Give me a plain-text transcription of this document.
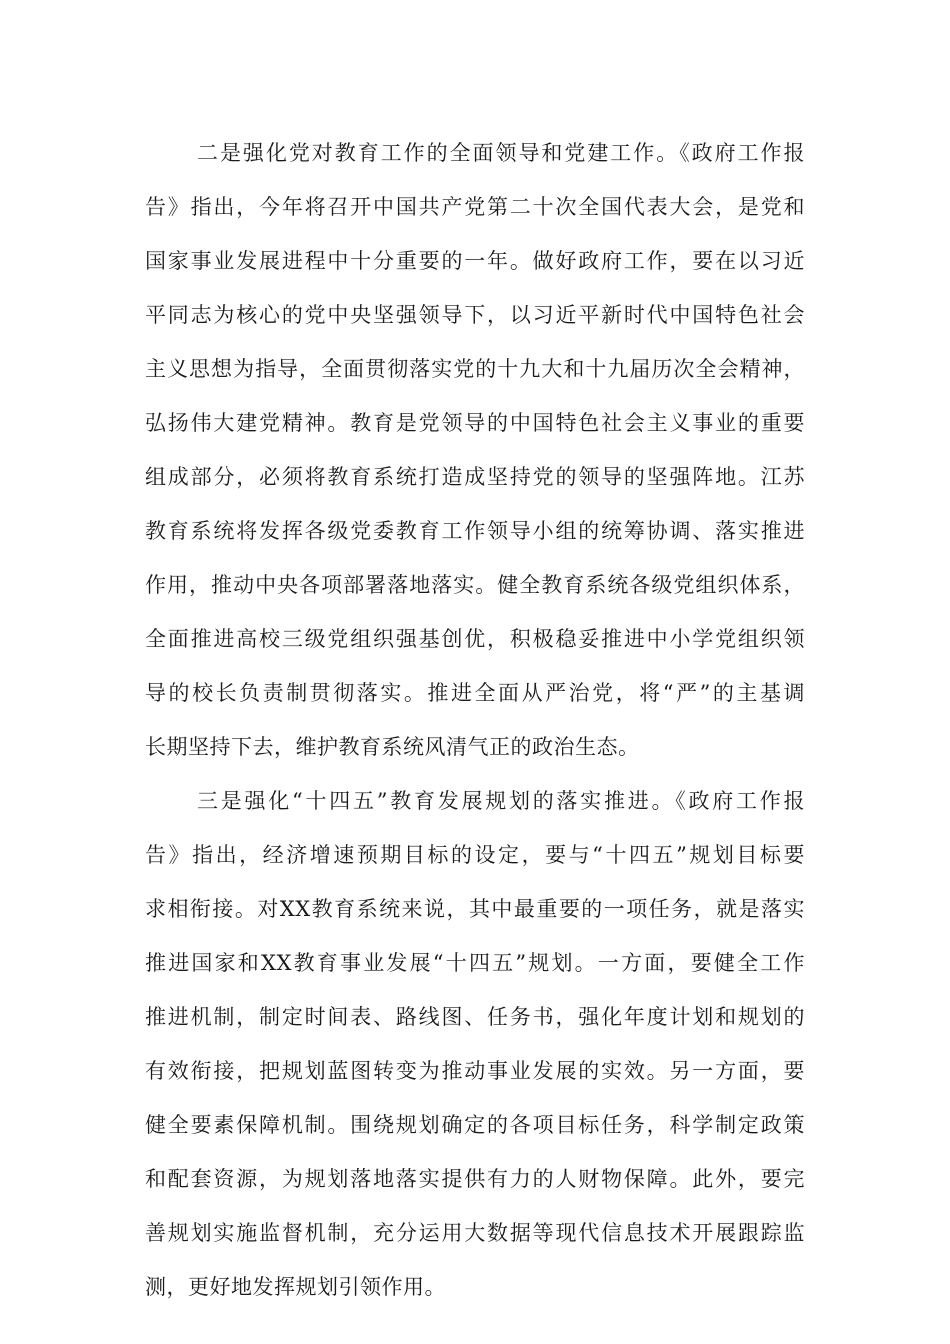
二是强化党对教育工作的全面领导和党建工作。《政府工作报
告》指出，今年将召开中国共产党第二十次全国代表大会，是党和
国家事业发展进程中十分重要的一年。做好政府工作，要在以习近
平同志为核心的党中央坚强领导下，以习近平新时代中国特色社会
主义思想为指导，全面贯彻落实党的十九大和十九届历次全会精神，
弘扬伟大建党精神。教育是党领导的中国特色社会主义事业的重要
组成部分，必须将教育系统打造成坚持党的领导的坚强阵地。江苏
教育系统将发挥各级党委教育工作领导小组的统筹协调、落实推进
作用，推动中央各项部署落地落实。健全教育系统各级党组织体系，
全面推进高校三级党组织强基创优，积极稳妥推进中小学党组织领
导的校长负责制贯彻落实。推进全面从严治党，将“严”的主基调
长期坚持下去，维护教育系统风清气正的政治生态。
三是强化“十四五”教育发展规划的落实推进。《政府工作报
告》指出，经济增速预期目标的设定，要与“十四五”规划目标要
求相衔接。对XX教育系统来说，其中最重要的一项任务，就是落实
推进国家和XX教育事业发展“十四五”规划。一方面，要健全工作
推进机制，制定时间表、路线图、任务书，强化年度计划和规划的
有效衔接，把规划蓝图转变为推动事业发展的实效。另一方面，要
健全要素保障机制。围绕规划确定的各项目标任务，科学制定政策
和配套资源，为规划落地落实提供有力的人财物保障。此外，要完
善规划实施监督机制，充分运用大数据等现代信息技术开展跟踪监
测，更好地发挥规划引领作用。
